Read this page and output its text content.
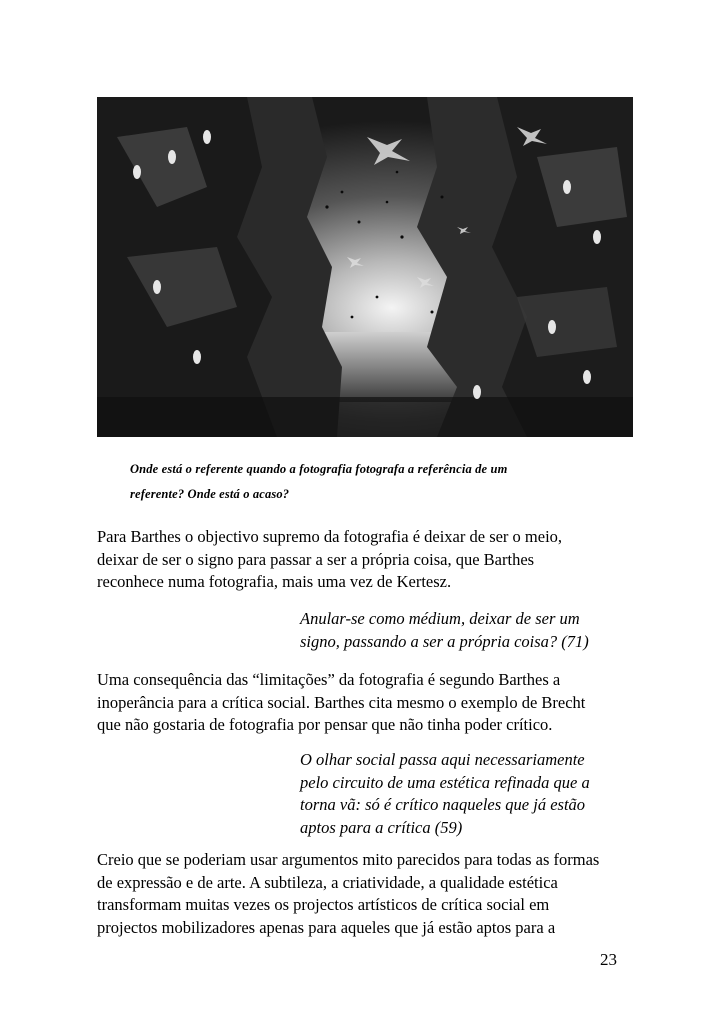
Onde está o referente quando a fotografia fotografa a referência de um

referente? Onde está o acaso?

Para Barthes o objectivo supremo da fotografia é deixar de ser o meio,
deixar de ser o signo para passar a ser a própria coisa, que Barthes
reconhece numa fotografia, mais uma vez de Kertesz.

Anular-se como médium, deixar de ser um
signo, passando a ser a própria coisa? (71)

Uma consequência das “limitações” da fotografia é segundo Barthes a
inoperância para a crítica social. Barthes cita mesmo o exemplo de Brecht
que não gostaria de fotografia por pensar que não tinha poder crítico.

O olhar social passa aqui necessariamente
pelo circuito de uma estética refinada que a
torna vã: só é crítico naqueles que já estão
aptos para a crítica (59)

Creio que se poderiam usar argumentos mito parecidos para todas as formas
de expressão e de arte. A subtileza, a criatividade, a qualidade estética
transformam muitas vezes os projectos artísticos de crítica social em
projectos mobilizadores apenas para aqueles que já estão aptos para a

23
